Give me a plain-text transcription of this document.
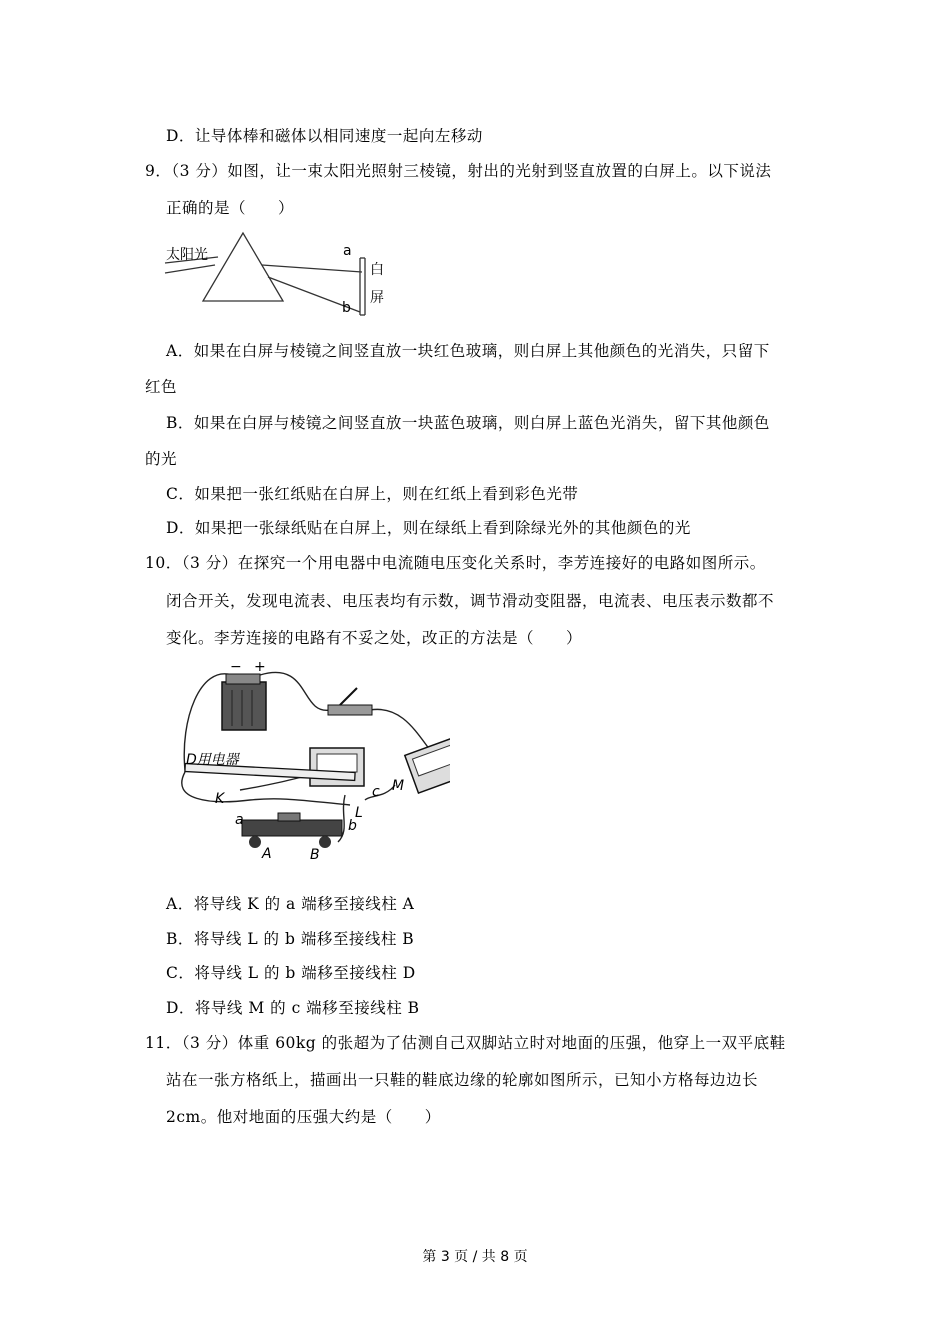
D．让导体棒和磁体以相同速度一起向左移动
9．（3 分）如图，让一束太阳光照射三棱镜，射出的光射到竖直放置的白屏上。以下说法
正确的是（　　）
太阳光	a
b
白
屏
A．如果在白屏与棱镜之间竖直放一块红色玻璃，则白屏上其他颜色的光消失，只留下
红色
B．如果在白屏与棱镜之间竖直放一块蓝色玻璃，则白屏上蓝色光消失，留下其他颜色
的光
C．如果把一张红纸贴在白屏上，则在红纸上看到彩色光带
D．如果把一张绿纸贴在白屏上，则在绿纸上看到除绿光外的其他颜色的光
10．（3 分）在探究一个用电器中电流随电压变化关系时，李芳连接好的电路如图所示。
闭合开关，发现电流表、电压表均有示数，调节滑动变阻器，电流表、电压表示数都不
变化。李芳连接的电路有不妥之处，改正的方法是（　　）
− +
D用电器
K
L
M
a	b
c
A	B
A．将导线 K 的 a 端移至接线柱 A
B．将导线 L 的 b 端移至接线柱 B
C．将导线 L 的 b 端移至接线柱 D
D．将导线 M 的 c 端移至接线柱 B
11．（3 分）体重 60kg 的张超为了估测自己双脚站立时对地面的压强，他穿上一双平底鞋
站在一张方格纸上，描画出一只鞋的鞋底边缘的轮廓如图所示，已知小方格每边边长
2cm。他对地面的压强大约是（　　）
第 3 页 / 共 8 页
